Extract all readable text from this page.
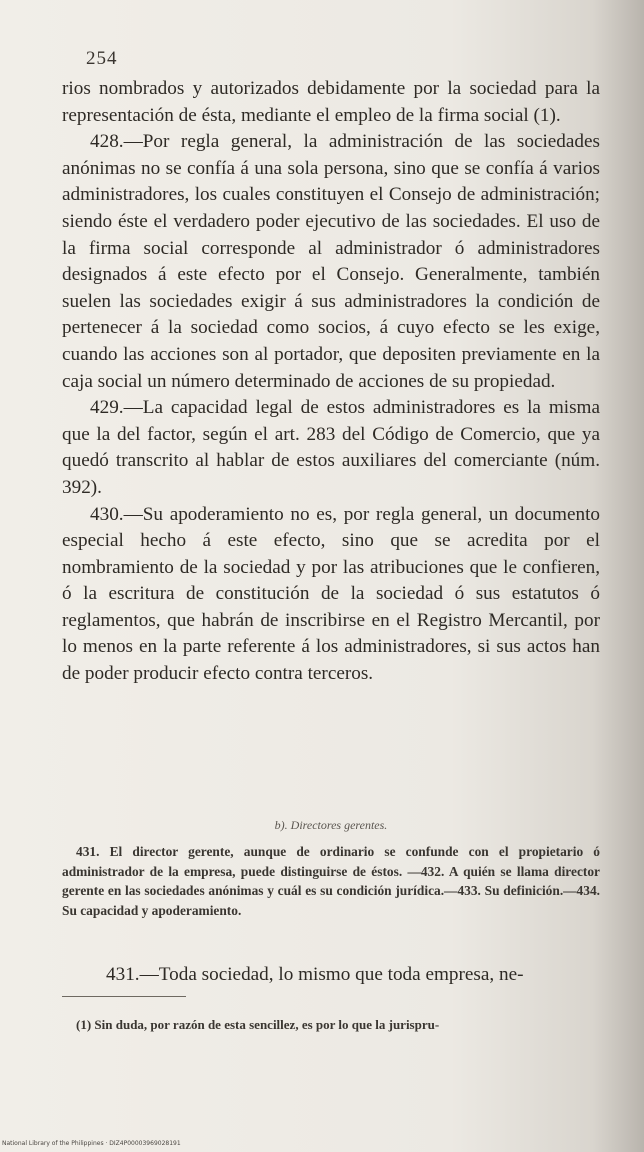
254

rios nombrados y autorizados debidamente por la sociedad para la representación de ésta, mediante el empleo de la firma social (1).

428.—Por regla general, la administración de las sociedades anónimas no se confía á una sola persona, sino que se confía á varios administradores, los cuales constituyen el Consejo de administración; siendo éste el verdadero poder ejecutivo de las sociedades. El uso de la firma social corresponde al administrador ó administradores designados á este efecto por el Consejo. Generalmente, también suelen las sociedades exigir á sus administradores la condición de pertenecer á la sociedad como socios, á cuyo efecto se les exige, cuando las acciones son al portador, que depositen previamente en la caja social un número determinado de acciones de su propiedad.

429.—La capacidad legal de estos administradores es la misma que la del factor, según el art. 283 del Código de Comercio, que ya quedó transcrito al hablar de estos auxiliares del comerciante (núm. 392).

430.—Su apoderamiento no es, por regla general, un documento especial hecho á este efecto, sino que se acredita por el nombramiento de la sociedad y por las atribuciones que le confieren, ó la escritura de constitución de la sociedad ó sus estatutos ó reglamentos, que habrán de inscribirse en el Registro Mercantil, por lo menos en la parte referente á los administradores, si sus actos han de poder producir efecto contra terceros.

b). Directores gerentes.

431. El director gerente, aunque de ordinario se confunde con el propietario ó administrador de la empresa, puede distinguirse de éstos. —432. A quién se llama director gerente en las sociedades anónimas y cuál es su condición jurídica.—433. Su definición.—434. Su capacidad y apoderamiento.

431.—Toda sociedad, lo mismo que toda empresa, ne-

(1) Sin duda, por razón de esta sencillez, es por lo que la jurispru-
National Library of the Philippines · DIZ4P00003969028191
